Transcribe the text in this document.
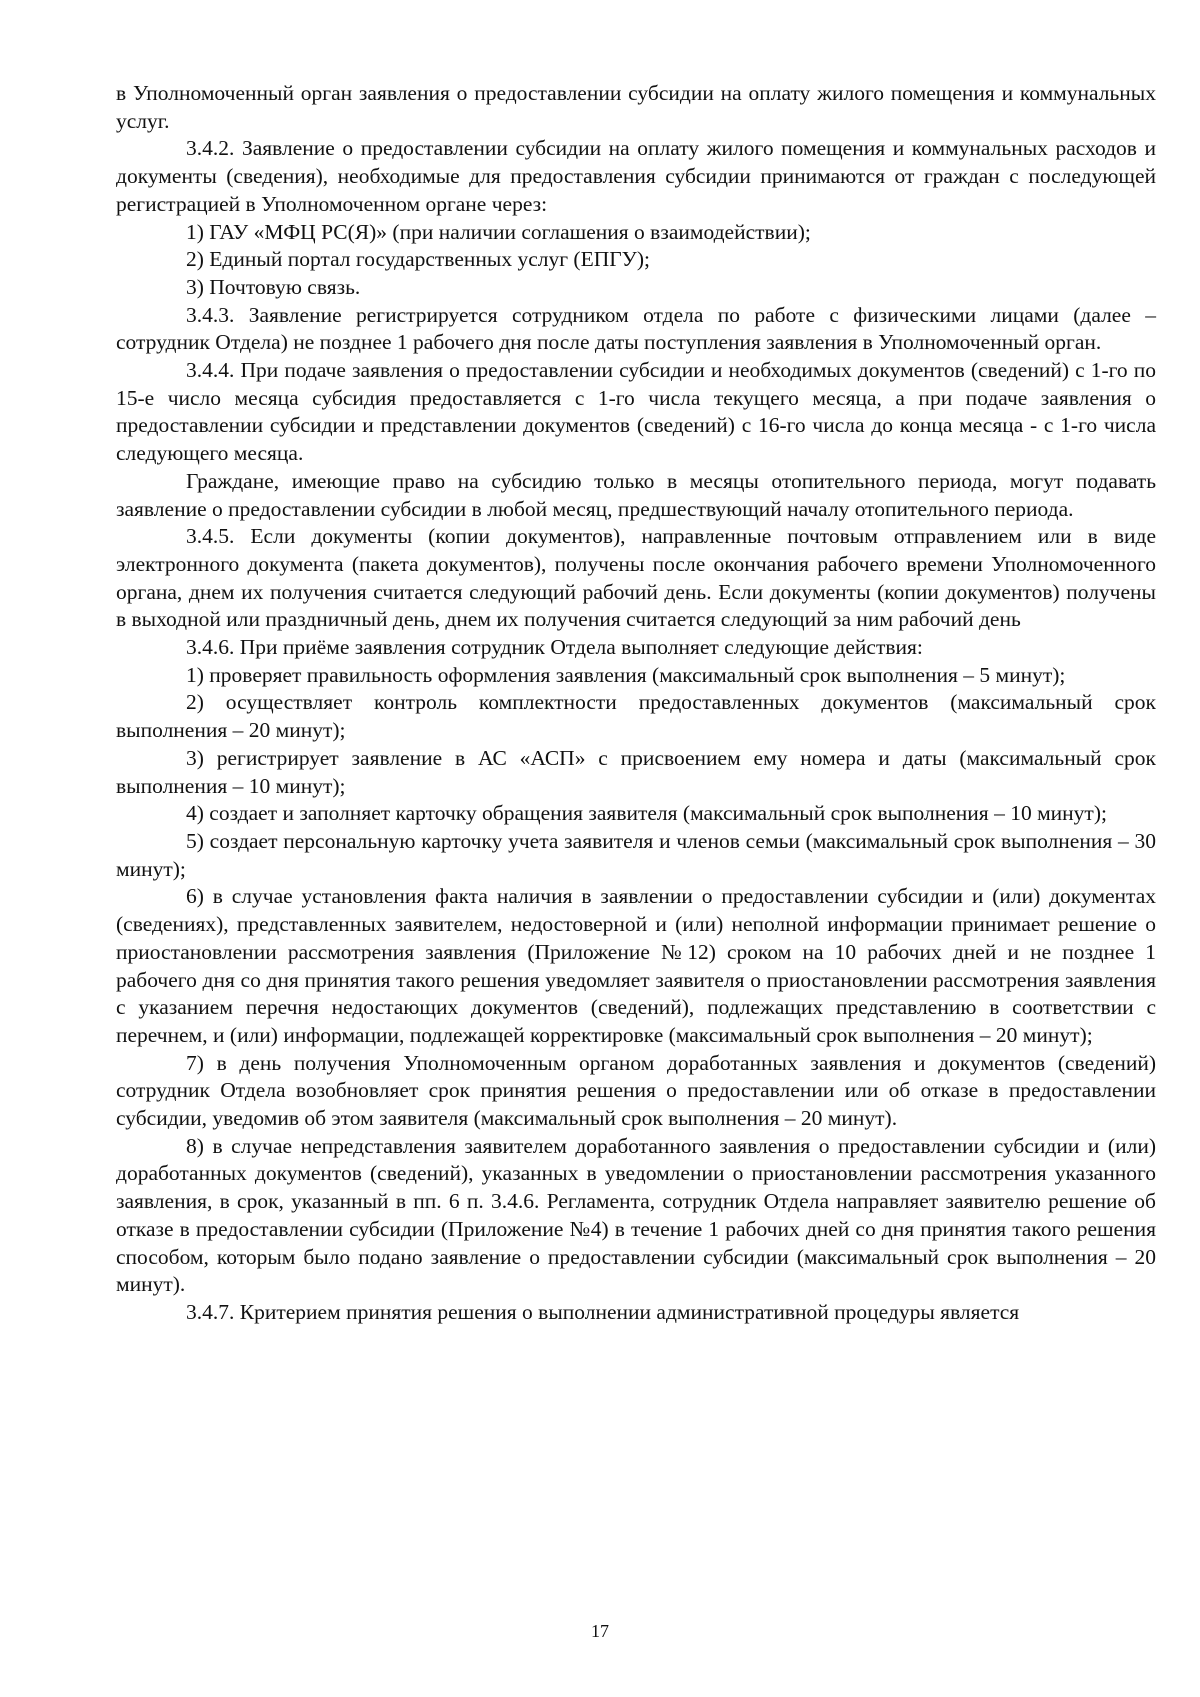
в Уполномоченный орган заявления о предоставлении субсидии на оплату жилого помещения и коммунальных услуг.

3.4.2. Заявление о предоставлении субсидии на оплату жилого помещения и коммунальных расходов и документы (сведения), необходимые для предоставления субсидии принимаются от граждан с последующей регистрацией в Уполномоченном органе через:

1) ГАУ «МФЦ РС(Я)» (при наличии соглашения о взаимодействии);

2) Единый портал государственных услуг (ЕПГУ);

3) Почтовую связь.

3.4.3. Заявление регистрируется сотрудником отдела по работе с физическими лицами (далее – сотрудник Отдела) не позднее 1 рабочего дня после даты поступления заявления в Уполномоченный орган.

3.4.4. При подаче заявления о предоставлении субсидии и необходимых документов (сведений) с 1-го по 15-е число месяца субсидия предоставляется с 1-го числа текущего месяца, а при подаче заявления о предоставлении субсидии и представлении документов (сведений) с 16-го числа до конца месяца - с 1-го числа следующего месяца.

Граждане, имеющие право на субсидию только в месяцы отопительного периода, могут подавать заявление о предоставлении субсидии в любой месяц, предшествующий началу отопительного периода.

3.4.5. Если документы (копии документов), направленные почтовым отправлением или в виде электронного документа (пакета документов), получены после окончания рабочего времени Уполномоченного органа, днем их получения считается следующий рабочий день. Если документы (копии документов) получены в выходной или праздничный день, днем их получения считается следующий за ним рабочий день

3.4.6. При приёме заявления сотрудник Отдела выполняет следующие действия:

1) проверяет правильность оформления заявления (максимальный срок выполнения – 5 минут);

2) осуществляет контроль комплектности предоставленных документов (максимальный срок выполнения – 20 минут);

3) регистрирует заявление в АС «АСП» с присвоением ему номера и даты (максимальный срок выполнения – 10 минут);

4) создает и заполняет карточку обращения заявителя (максимальный срок выполнения – 10 минут);

5) создает персональную карточку учета заявителя и членов семьи (максимальный срок выполнения – 30 минут);

6) в случае установления факта наличия в заявлении о предоставлении субсидии и (или) документах (сведениях), представленных заявителем, недостоверной и (или) неполной информации принимает решение о приостановлении рассмотрения заявления (Приложение №12) сроком на 10 рабочих дней и не позднее 1 рабочего дня со дня принятия такого решения уведомляет заявителя о приостановлении рассмотрения заявления с указанием перечня недостающих документов (сведений), подлежащих представлению в соответствии с перечнем, и (или) информации, подлежащей корректировке (максимальный срок выполнения – 20 минут);

7) в день получения Уполномоченным органом доработанных заявления и документов (сведений) сотрудник Отдела возобновляет срок принятия решения о предоставлении или об отказе в предоставлении субсидии, уведомив об этом заявителя (максимальный срок выполнения – 20 минут).

8) в случае непредставления заявителем доработанного заявления о предоставлении субсидии и (или) доработанных документов (сведений), указанных в уведомлении о приостановлении рассмотрения указанного заявления, в срок, указанный в пп. 6 п. 3.4.6. Регламента, сотрудник Отдела направляет заявителю решение об отказе в предоставлении субсидии (Приложение №4) в течение 1 рабочих дней со дня принятия такого решения способом, которым было подано заявление о предоставлении субсидии (максимальный срок выполнения – 20 минут).

3.4.7. Критерием принятия решения о выполнении административной процедуры является

17
